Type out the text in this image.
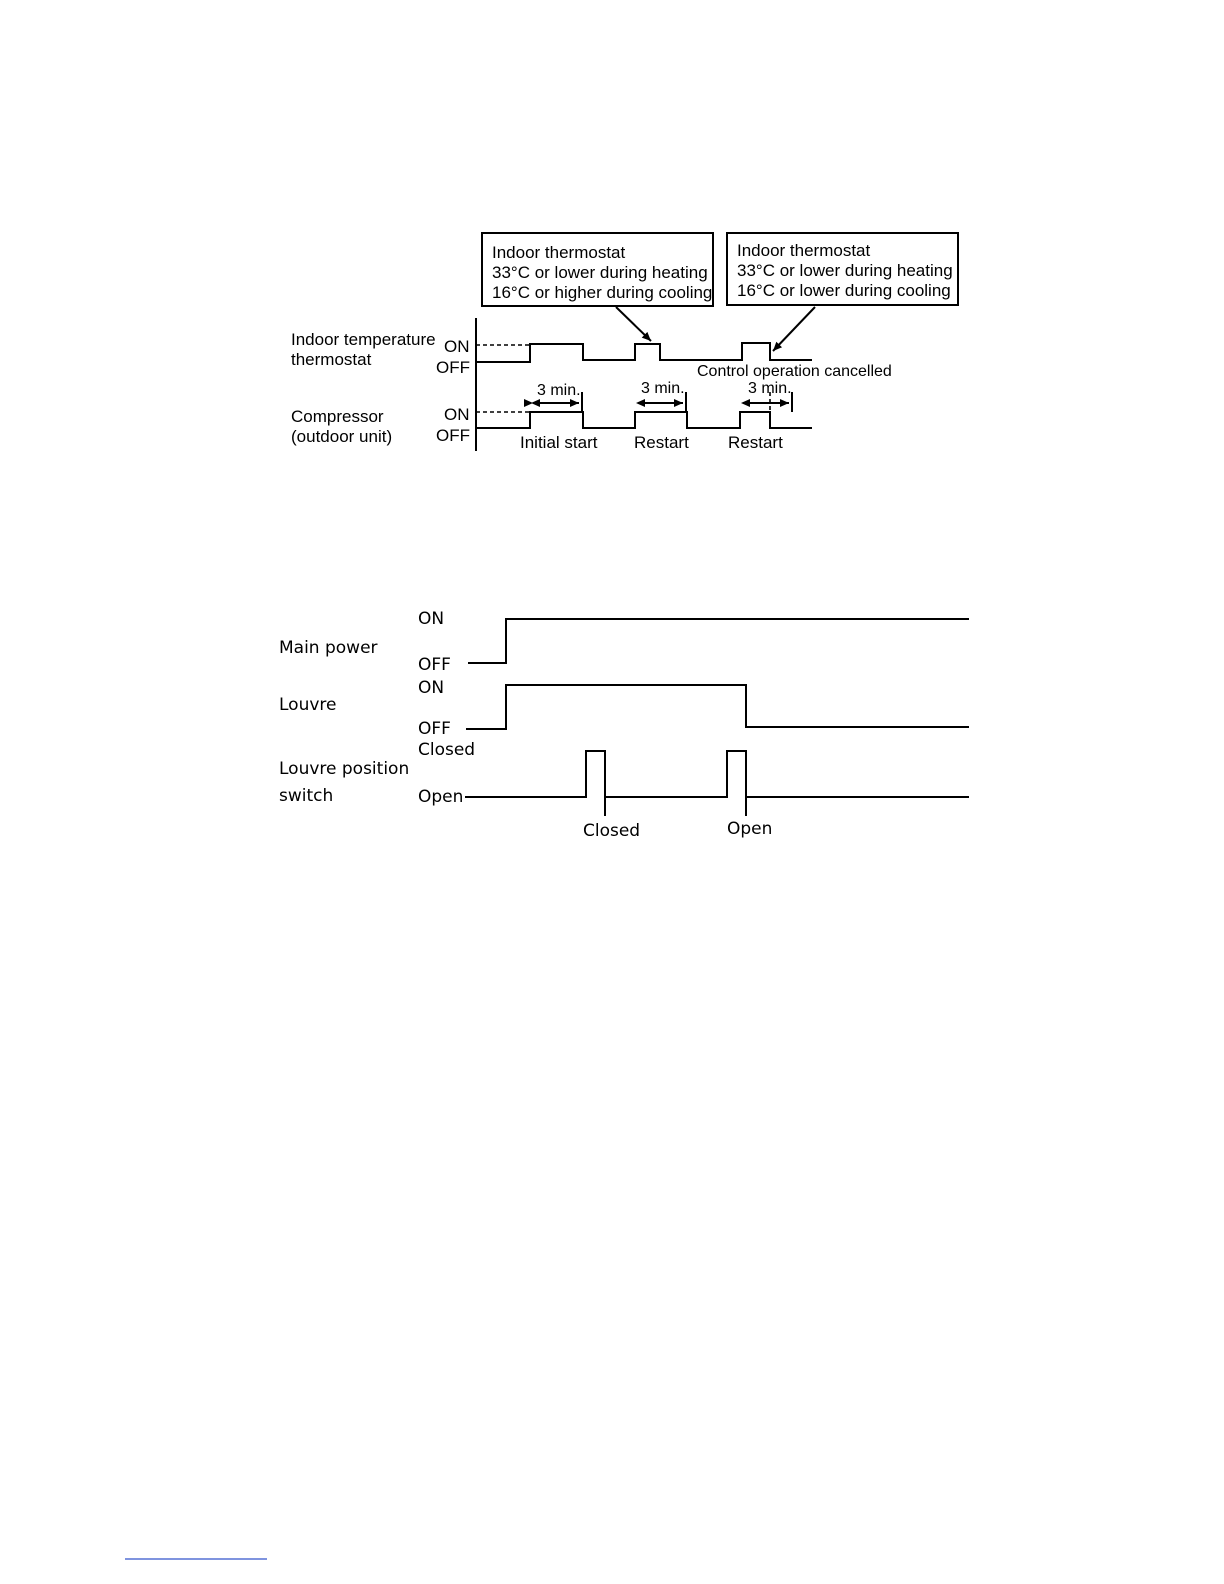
Indoor thermostat
33°C or lower during heating
16°C or higher during cooling
Indoor thermostat
33°C or lower during heating
16°C or lower during cooling
Indoor temperature
thermostat
Compressor
(outdoor unit)
ON
OFF
ON
OFF
3 min.	3 min.	3 min.
Control operation cancelled
Initial start Restart Restart
Main power
Louvre
Louvre position
switch
ON
OFF
ON
OFF
Closed
Open
Closed	Open
